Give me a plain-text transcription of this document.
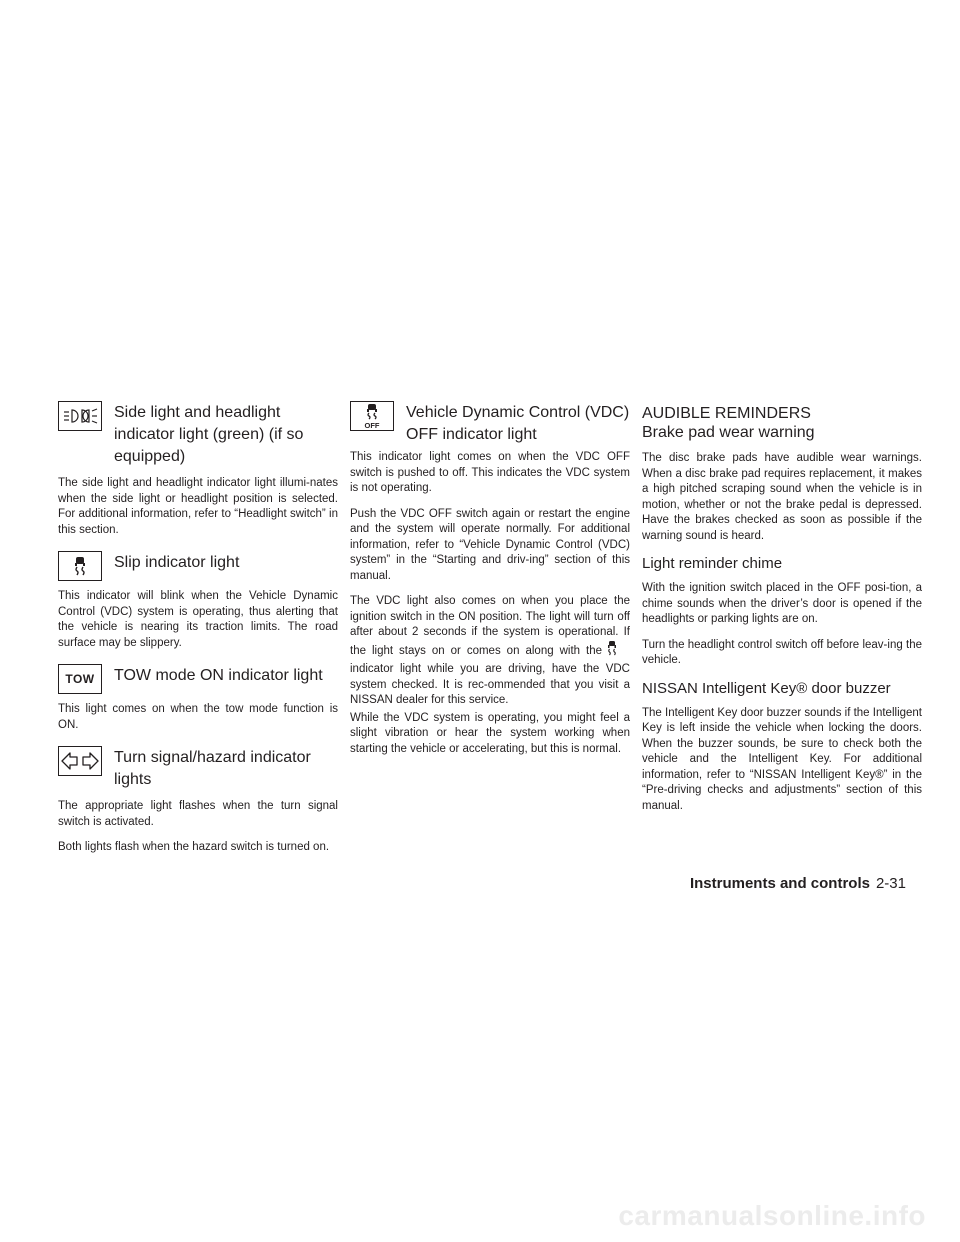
Side light and headlight indicator light (green) (if so equipped)

The side light and headlight indicator light illumi-nates when the side light or headlight position is selected. For additional information, refer to “Headlight switch” in this section.

Slip indicator light

This indicator will blink when the Vehicle Dynamic Control (VDC) system is operating, thus alerting that the vehicle is nearing its traction limits. The road surface may be slippery.

TOW TOW mode ON indicator light

This light comes on when the tow mode function is ON.

Turn signal/hazard indicator lights

The appropriate light flashes when the turn signal switch is activated.

Both lights flash when the hazard switch is turned on.

OFF
Vehicle Dynamic Control (VDC) OFF indicator light

This indicator light comes on when the VDC OFF switch is pushed to off. This indicates the VDC system is not operating.

Push the VDC OFF switch again or restart the engine and the system will operate normally. For additional information, refer to “Vehicle Dynamic Control (VDC) system” in the “Starting and driv-ing” section of this manual.

The VDC light also comes on when you place the ignition switch in the ON position. The light will turn off after about 2 seconds if the system is operational. If the light stays on or comes on along with theindicator light while you are driving, have the VDC system checked. It is rec-ommended that you visit a NISSAN dealer for this service.

While the VDC system is operating, you might feel a slight vibration or hear the system working when starting the vehicle or accelerating, but this is normal.

AUDIBLE REMINDERS
Brake pad wear warning

The disc brake pads have audible wear warnings. When a disc brake pad requires replacement, it makes a high pitched scraping sound when the vehicle is in motion, whether or not the brake pedal is depressed. Have the brakes checked as soon as possible if the warning sound is heard.

Light reminder chime

With the ignition switch placed in the OFF posi-tion, a chime sounds when the driver’s door is opened if the headlights or parking lights are on.

Turn the headlight control switch off before leav-ing the vehicle.

NISSAN Intelligent Key® door buzzer

The Intelligent Key door buzzer sounds if the Intelligent Key is left inside the vehicle when locking the doors. When the buzzer sounds, be sure to check both the vehicle and the Intelligent Key. For additional information, refer to “NISSAN Intelligent Key®” in the “Pre-driving checks and adjustments” section of this manual.

Instruments and controls 2-31
carmanualsonline.info
